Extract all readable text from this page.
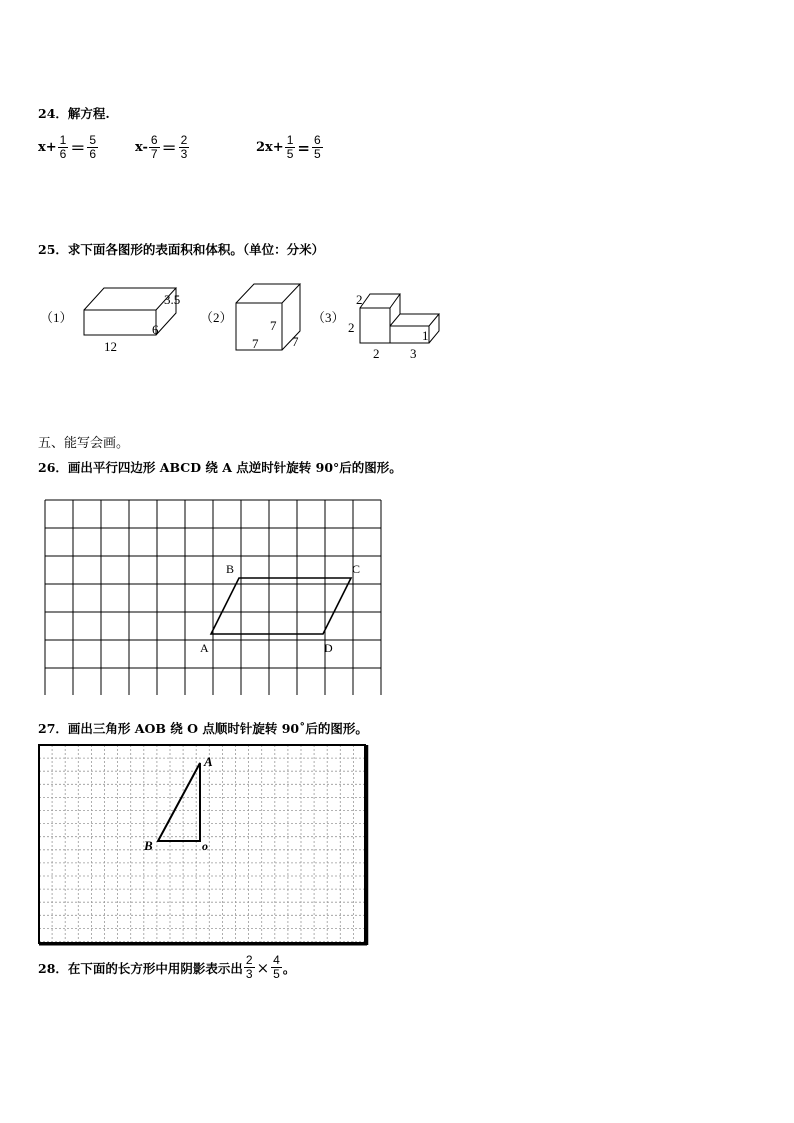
24．解方程.
$x+ \frac{1}{6} = \frac{5}{6}$	$x- \frac{6}{7} = \frac{2}{3}$	$2x+ \frac{1}{5} = \frac{6}{5}$
25．求下面各图形的表面积和体积。（单位：分米）
（1）
3.5
6
12
（2）
7
7	7
（3）
2
2
1
2 3
五、能写会画。
26．画出平行四边形 ABCD 绕 A 点逆时针旋转 90°后的图形。
B	C
A	D
27．画出三角形 AOB 绕 O 点顺时针旋转 90˚后的图形。
A
B	o
28．在下面的长方形中用阴影表示出 $\frac{2}{3} \times \frac{4}{5}$ 。
